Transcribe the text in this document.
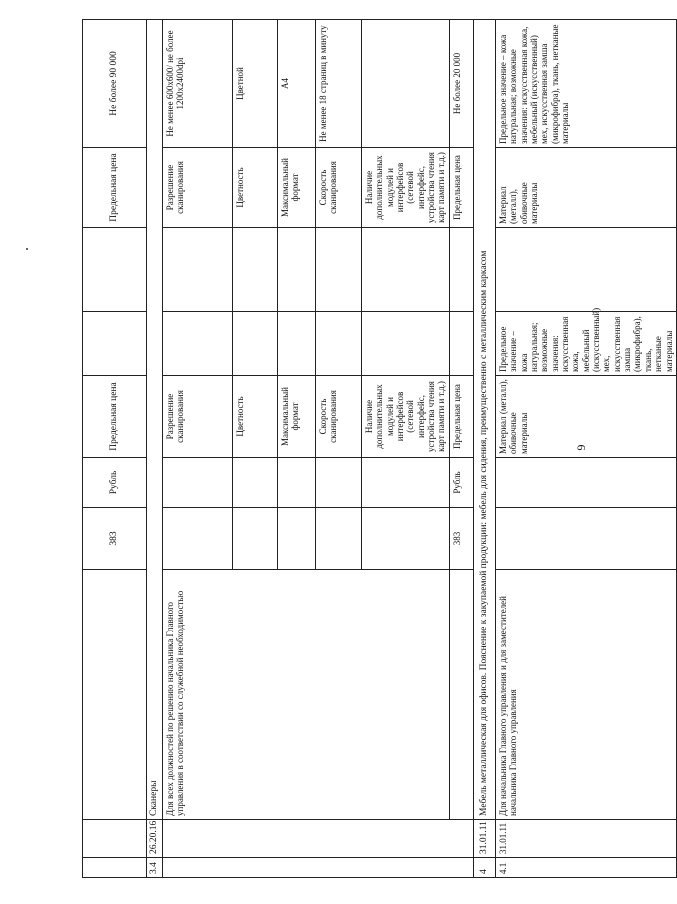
6
			383	Рубль	Предельная цена			Предельная цена	Не более 90 000
3.4	26.20.16	Сканеры							
		Для всех должностей по решению начальника Главного управления в соответствии со служебной необходимостью			Разрешение сканирования			Разрешение сканирования	Не менее 600x600/ не более 1200x2400dpi
					Цветность			Цветность	Цветной
					Максимальный формат			Максимальный формат	А4
					Скорость сканирования			Скорость сканирования	Не менее 18 страниц в минуту
					Наличие дополнительных модулей и интерфейсов (сетевой интерфейс, устройства чтения карт памяти и т.д.)			Наличие дополнительных модулей и интерфейсов (сетевой интерфейс, устройства чтения карт памяти и т.д.)	
			383	Рубль	Предельная цена			Предельная цена	Не более 20 000
4	31.01.11	Мебель металлическая для офисов. Пояснение к закупаемой продукции: мебель для сидения, преимущественно с металлическим каркасом							
4.1	31.01.11	Для начальника Главного управления и для заместителей начальника Главного управления			Материал (металл), обивочные материалы	Предельное значение – кожа натуральная; возможные значения: искусственная кожа, мебельный (искусственный) мех, искусственная замша (микрофибра), ткань, нетканые материалы		Материал (металл), обивочные материалы	Предельное значение – кожа натуральная; возможные значения: искусственная кожа, мебельный (искусственный) мех, искусственная замша (микрофибра), ткань, нетканые материалы
